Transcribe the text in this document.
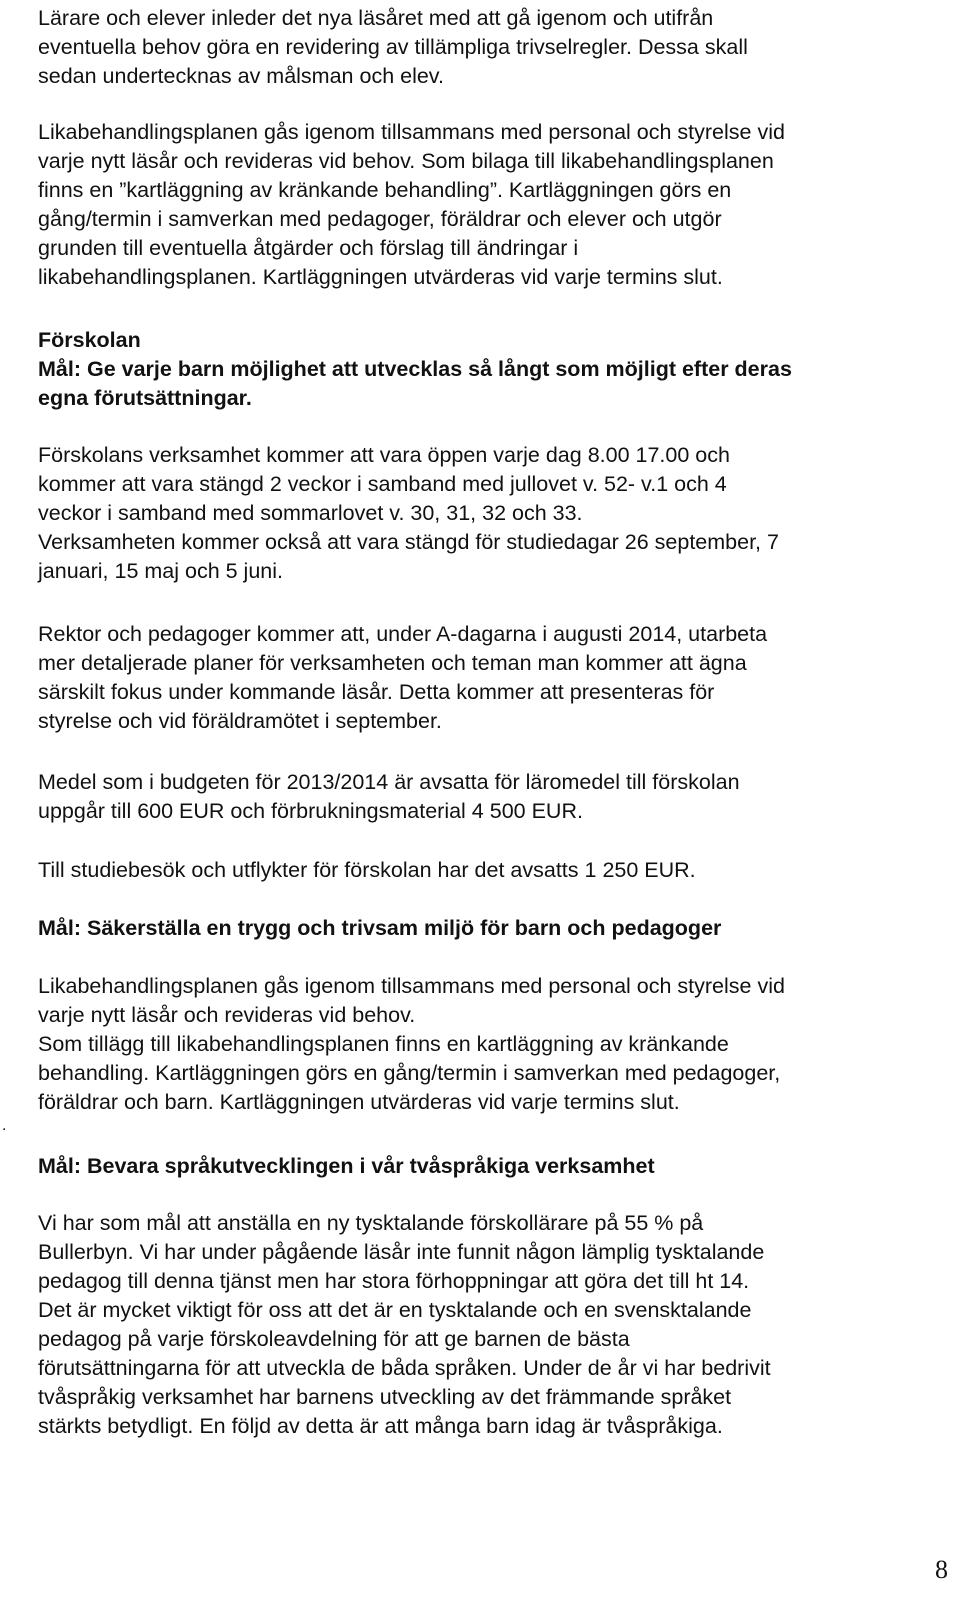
Lärare och elever inleder det nya läsåret med att gå igenom och utifrån
eventuella behov göra en revidering av tillämpliga trivselregler. Dessa skall
sedan undertecknas av målsman och elev.
Likabehandlingsplanen gås igenom tillsammans med personal och styrelse vid
varje nytt läsår och revideras vid behov. Som bilaga till likabehandlingsplanen
finns en ”kartläggning av kränkande behandling”. Kartläggningen görs en
gång/termin i samverkan med pedagoger, föräldrar och elever och utgör
grunden till eventuella åtgärder och förslag till ändringar i
likabehandlingsplanen. Kartläggningen utvärderas vid varje termins slut.
Förskolan
Mål: Ge varje barn möjlighet att utvecklas så långt som möjligt efter deras
egna förutsättningar.
Förskolans verksamhet kommer att vara öppen varje dag 8.00 17.00 och
kommer att vara stängd 2 veckor i samband med jullovet v. 52- v.1 och 4
veckor i samband med sommarlovet v. 30, 31, 32 och 33.
Verksamheten kommer också att vara stängd för studiedagar 26 september, 7
januari, 15 maj och 5 juni.
Rektor och pedagoger kommer att, under A-dagarna i augusti 2014, utarbeta
mer detaljerade planer för verksamheten och teman man kommer att ägna
särskilt fokus under kommande läsår. Detta kommer att presenteras för
styrelse och vid föräldramötet i september.
Medel som i budgeten för 2013/2014 är avsatta för läromedel till förskolan
uppgår till 600 EUR och förbrukningsmaterial 4 500 EUR.
Till studiebesök och utflykter för förskolan har det avsatts 1 250 EUR.
Mål: Säkerställa en trygg och trivsam miljö för barn och pedagoger
Likabehandlingsplanen gås igenom tillsammans med personal och styrelse vid
varje nytt läsår och revideras vid behov.
Som tillägg till likabehandlingsplanen finns en kartläggning av kränkande
behandling. Kartläggningen görs en gång/termin i samverkan med pedagoger,
föräldrar och barn. Kartläggningen utvärderas vid varje termins slut.
.
Mål: Bevara språkutvecklingen i vår tvåspråkiga verksamhet
Vi har som mål att anställa en ny tysktalande förskollärare på 55 % på
Bullerbyn. Vi har under pågående läsår inte funnit någon lämplig tysktalande
pedagog till denna tjänst men har stora förhoppningar att göra det till ht 14.
Det är mycket viktigt för oss att det är en tysktalande och en svensktalande
pedagog på varje förskoleavdelning för att ge barnen de bästa
förutsättningarna för att utveckla de båda språken. Under de år vi har bedrivit
tvåspråkig verksamhet har barnens utveckling av det främmande språket
stärkts betydligt. En följd av detta är att många barn idag är tvåspråkiga.
8
